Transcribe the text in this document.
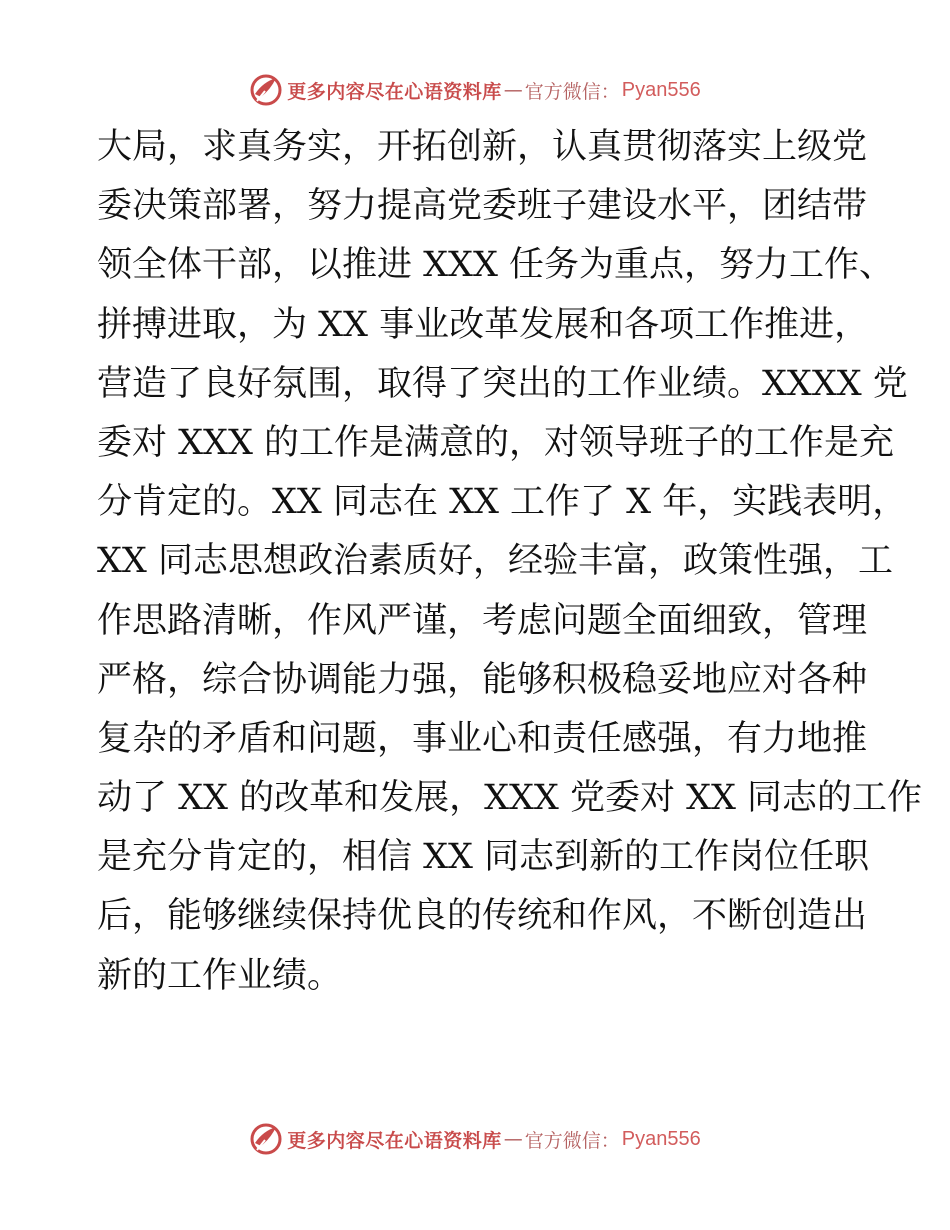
更多内容尽在心语资料库 — 官方微信： Pyan556
大局，求真务实，开拓创新，认真贯彻落实上级党
委决策部署，努力提高党委班子建设水平，团结带
领全体干部，以推进 XXX 任务为重点，努力工作、
拼搏进取，为 XX 事业改革发展和各项工作推进，
营造了良好氛围，取得了突出的工作业绩。XXXX 党
委对 XXX 的工作是满意的，对领导班子的工作是充
分肯定的。XX 同志在 XX 工作了 X 年，实践表明，
XX 同志思想政治素质好，经验丰富，政策性强，工
作思路清晰，作风严谨，考虑问题全面细致，管理
严格，综合协调能力强，能够积极稳妥地应对各种
复杂的矛盾和问题，事业心和责任感强，有力地推
动了 XX 的改革和发展，XXX 党委对 XX 同志的工作
是充分肯定的，相信 XX 同志到新的工作岗位任职
后，能够继续保持优良的传统和作风，不断创造出
新的工作业绩。
更多内容尽在心语资料库 — 官方微信： Pyan556
